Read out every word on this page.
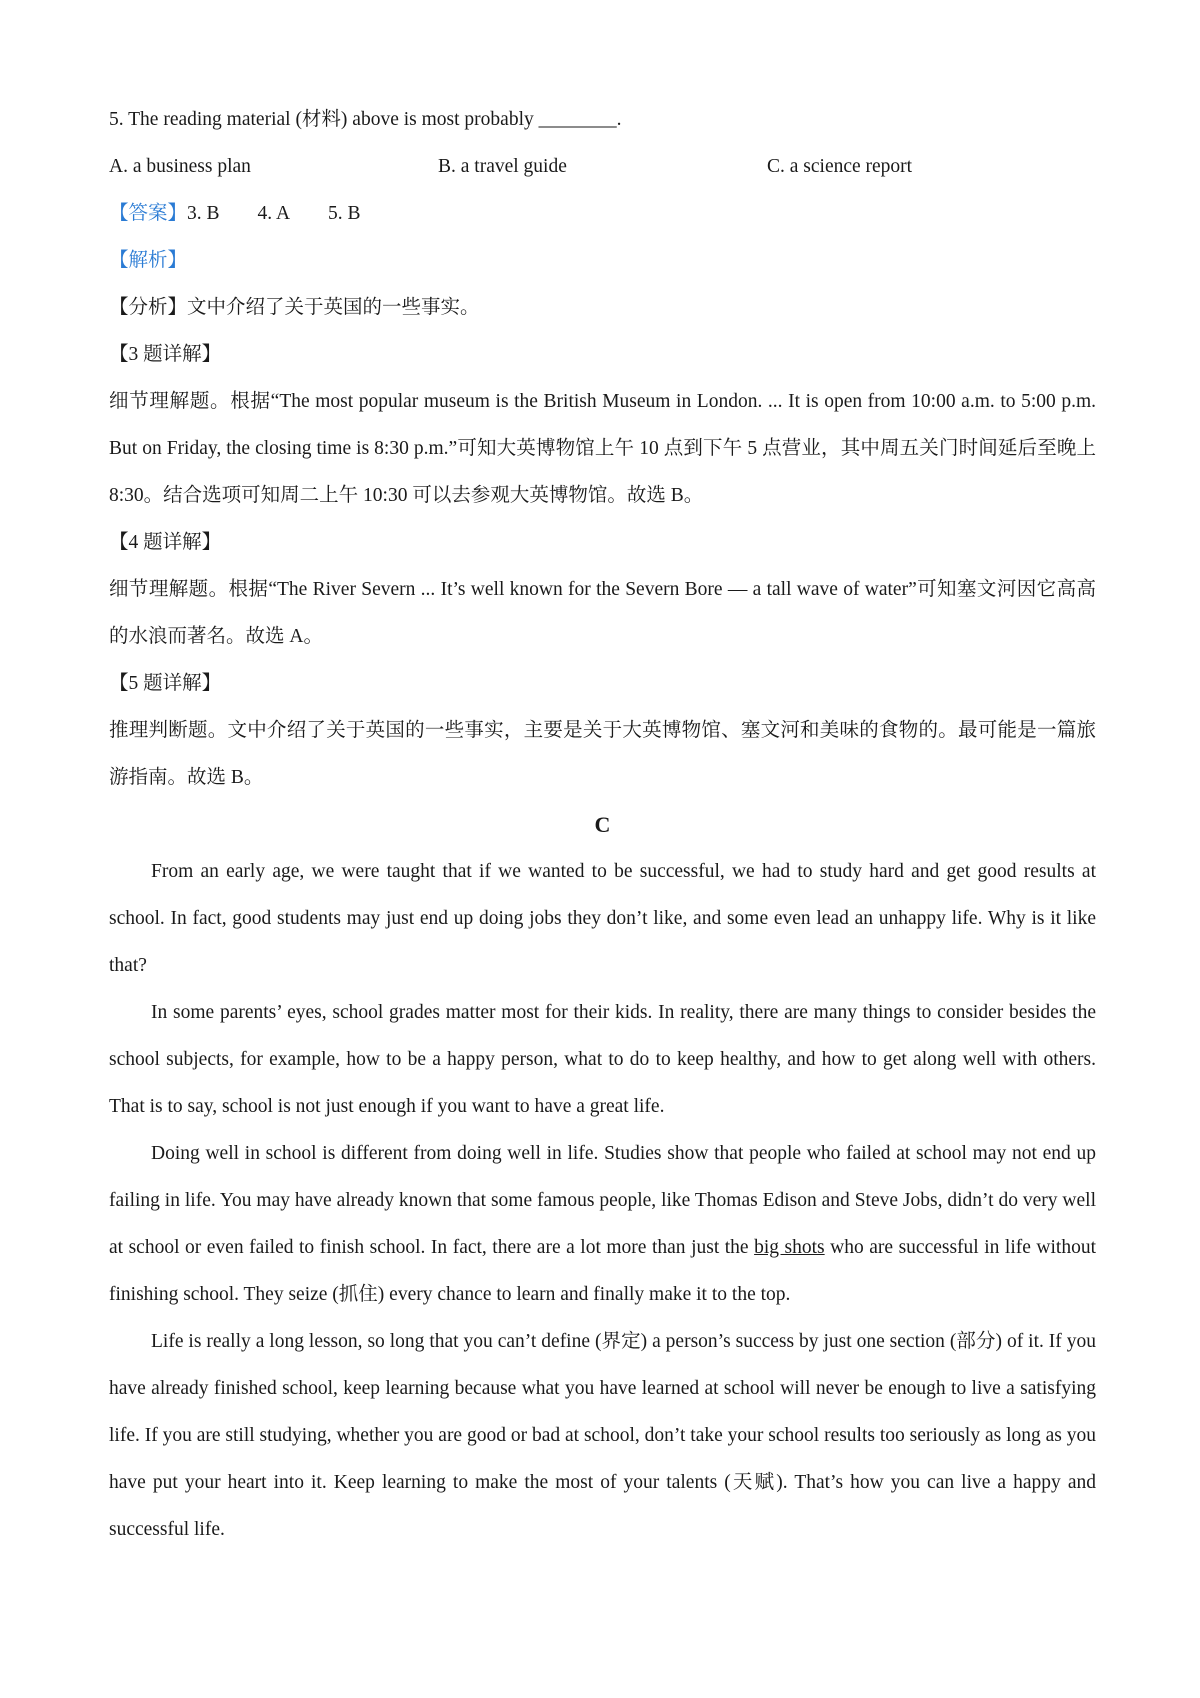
5. The reading material (材料) above is most probably ________.
A. a business plan	B. a travel guide	C. a science report
【答案】3. B 4. A 5. B
【解析】
【分析】文中介绍了关于英国的一些事实。
【3 题详解】
细节理解题。根据“The most popular museum is the British Museum in London. ... It is open from 10:00 a.m. to 5:00 p.m. But on Friday, the closing time is 8:30 p.m.”可知大英博物馆上午 10 点到下午 5 点营业，其中周五关门时间延后至晚上 8:30。结合选项可知周二上午 10:30 可以去参观大英博物馆。故选 B。
【4 题详解】
细节理解题。根据“The River Severn ... It’s well known for the Severn Bore — a tall wave of water”可知塞文河因它高高的水浪而著名。故选 A。
【5 题详解】
推理判断题。文中介绍了关于英国的一些事实，主要是关于大英博物馆、塞文河和美味的食物的。最可能是一篇旅游指南。故选 B。
C
From an early age, we were taught that if we wanted to be successful, we had to study hard and get good results at school. In fact, good students may just end up doing jobs they don’t like, and some even lead an unhappy life. Why is it like that?
In some parents’ eyes, school grades matter most for their kids. In reality, there are many things to consider besides the school subjects, for example, how to be a happy person, what to do to keep healthy, and how to get along well with others. That is to say, school is not just enough if you want to have a great life.
Doing well in school is different from doing well in life. Studies show that people who failed at school may not end up failing in life. You may have already known that some famous people, like Thomas Edison and Steve Jobs, didn’t do very well at school or even failed to finish school. In fact, there are a lot more than just the big shots who are successful in life without finishing school. They seize (抓住) every chance to learn and finally make it to the top.
Life is really a long lesson, so long that you can’t define (界定) a person’s success by just one section (部分) of it. If you have already finished school, keep learning because what you have learned at school will never be enough to live a satisfying life. If you are still studying, whether you are good or bad at school, don’t take your school results too seriously as long as you have put your heart into it. Keep learning to make the most of your talents (天赋). That’s how you can live a happy and successful life.
